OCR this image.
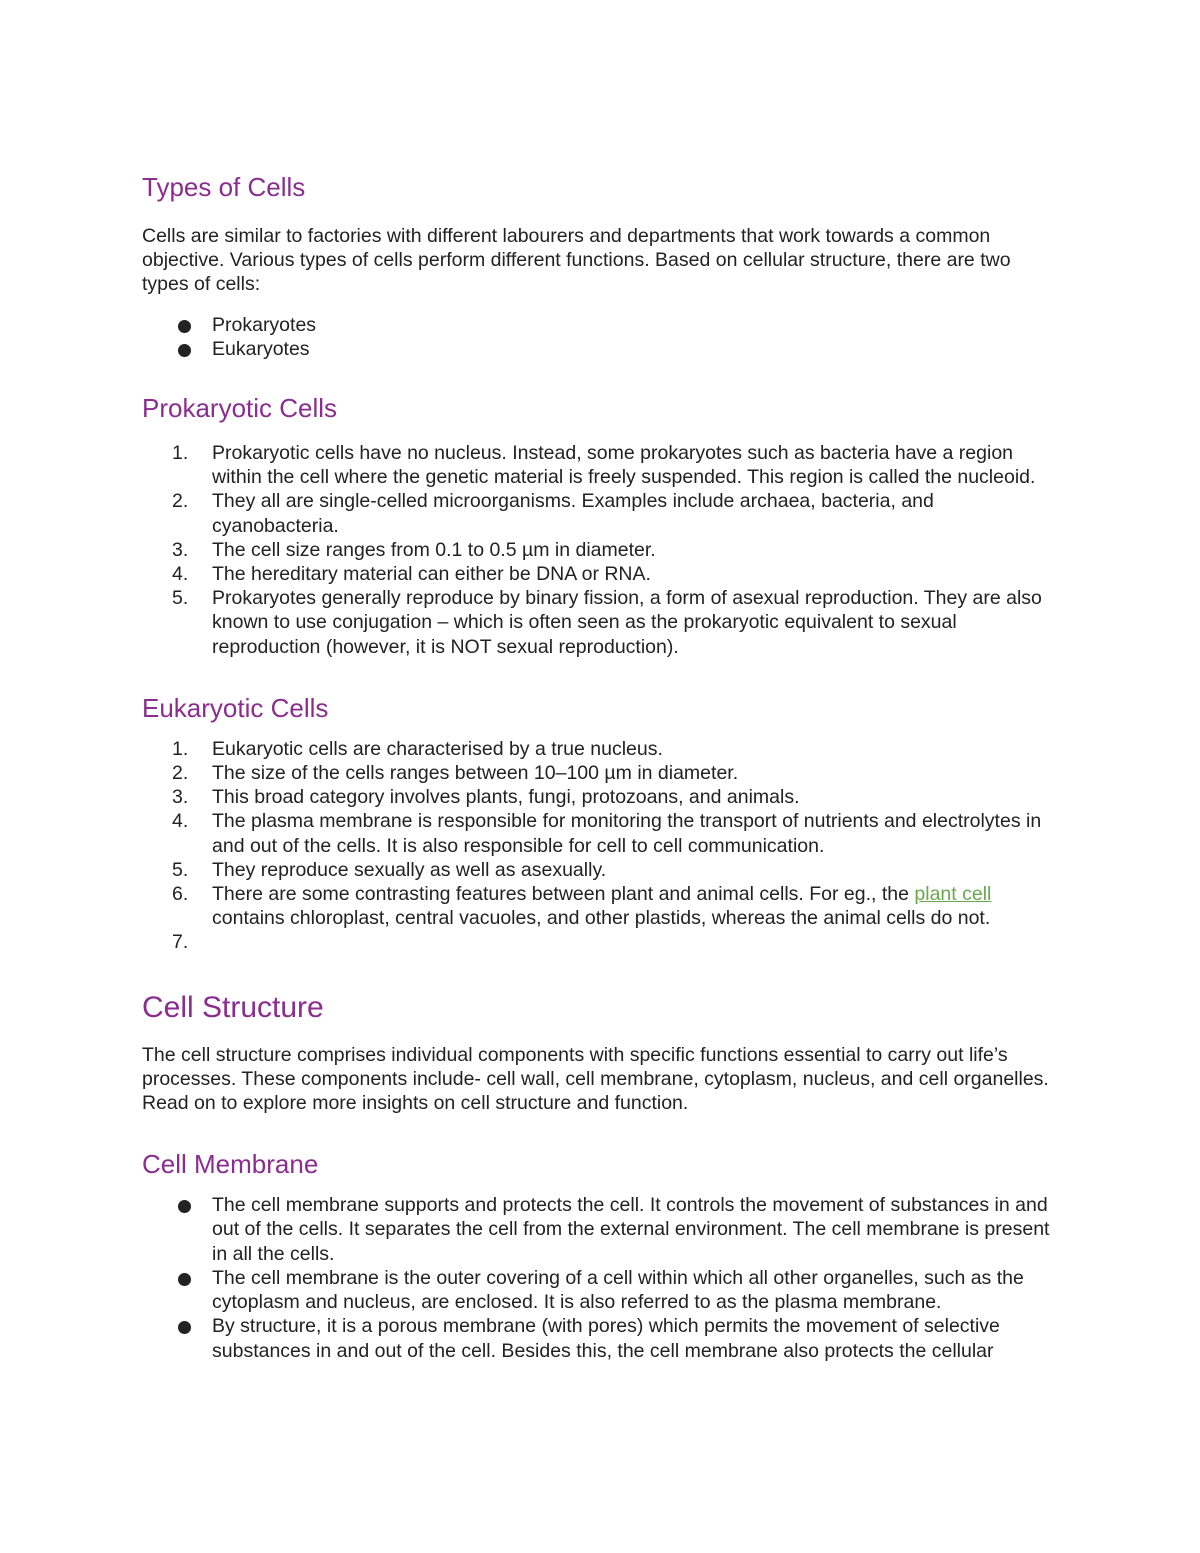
Types of Cells

Cells are similar to factories with different labourers and departments that work towards a common objective. Various types of cells perform different functions. Based on cellular structure, there are two types of cells:

Prokaryotes
Eukaryotes
Prokaryotic Cells
1.	Prokaryotic cells have no nucleus. Instead, some prokaryotes such as bacteria have a region within the cell where the genetic material is freely suspended. This region is called the nucleoid.
2.	They all are single-celled microorganisms. Examples include archaea, bacteria, and cyanobacteria.
3.	The cell size ranges from 0.1 to 0.5 µm in diameter.
4.	The hereditary material can either be DNA or RNA.
5.	Prokaryotes generally reproduce by binary fission, a form of asexual reproduction. They are also known to use conjugation – which is often seen as the prokaryotic equivalent to sexual reproduction (however, it is NOT sexual reproduction).
Eukaryotic Cells
1.	Eukaryotic cells are characterised by a true nucleus.
2.	The size of the cells ranges between 10–100 µm in diameter.
3.	This broad category involves plants, fungi, protozoans, and animals.
4.	The plasma membrane is responsible for monitoring the transport of nutrients and electrolytes in and out of the cells. It is also responsible for cell to cell communication.
5.	They reproduce sexually as well as asexually.
6.	There are some contrasting features between plant and animal cells. For eg., the plant cell contains chloroplast, central vacuoles, and other plastids, whereas the animal cells do not.
7.

Cell Structure

The cell structure comprises individual components with specific functions essential to carry out life’s processes. These components include- cell wall, cell membrane, cytoplasm, nucleus, and cell organelles. Read on to explore more insights on cell structure and function.

Cell Membrane
The cell membrane supports and protects the cell. It controls the movement of substances in and out of the cells. It separates the cell from the external environment. The cell membrane is present in all the cells.
The cell membrane is the outer covering of a cell within which all other organelles, such as the cytoplasm and nucleus, are enclosed. It is also referred to as the plasma membrane.
By structure, it is a porous membrane (with pores) which permits the movement of selective substances in and out of the cell. Besides this, the cell membrane also protects the cellular
